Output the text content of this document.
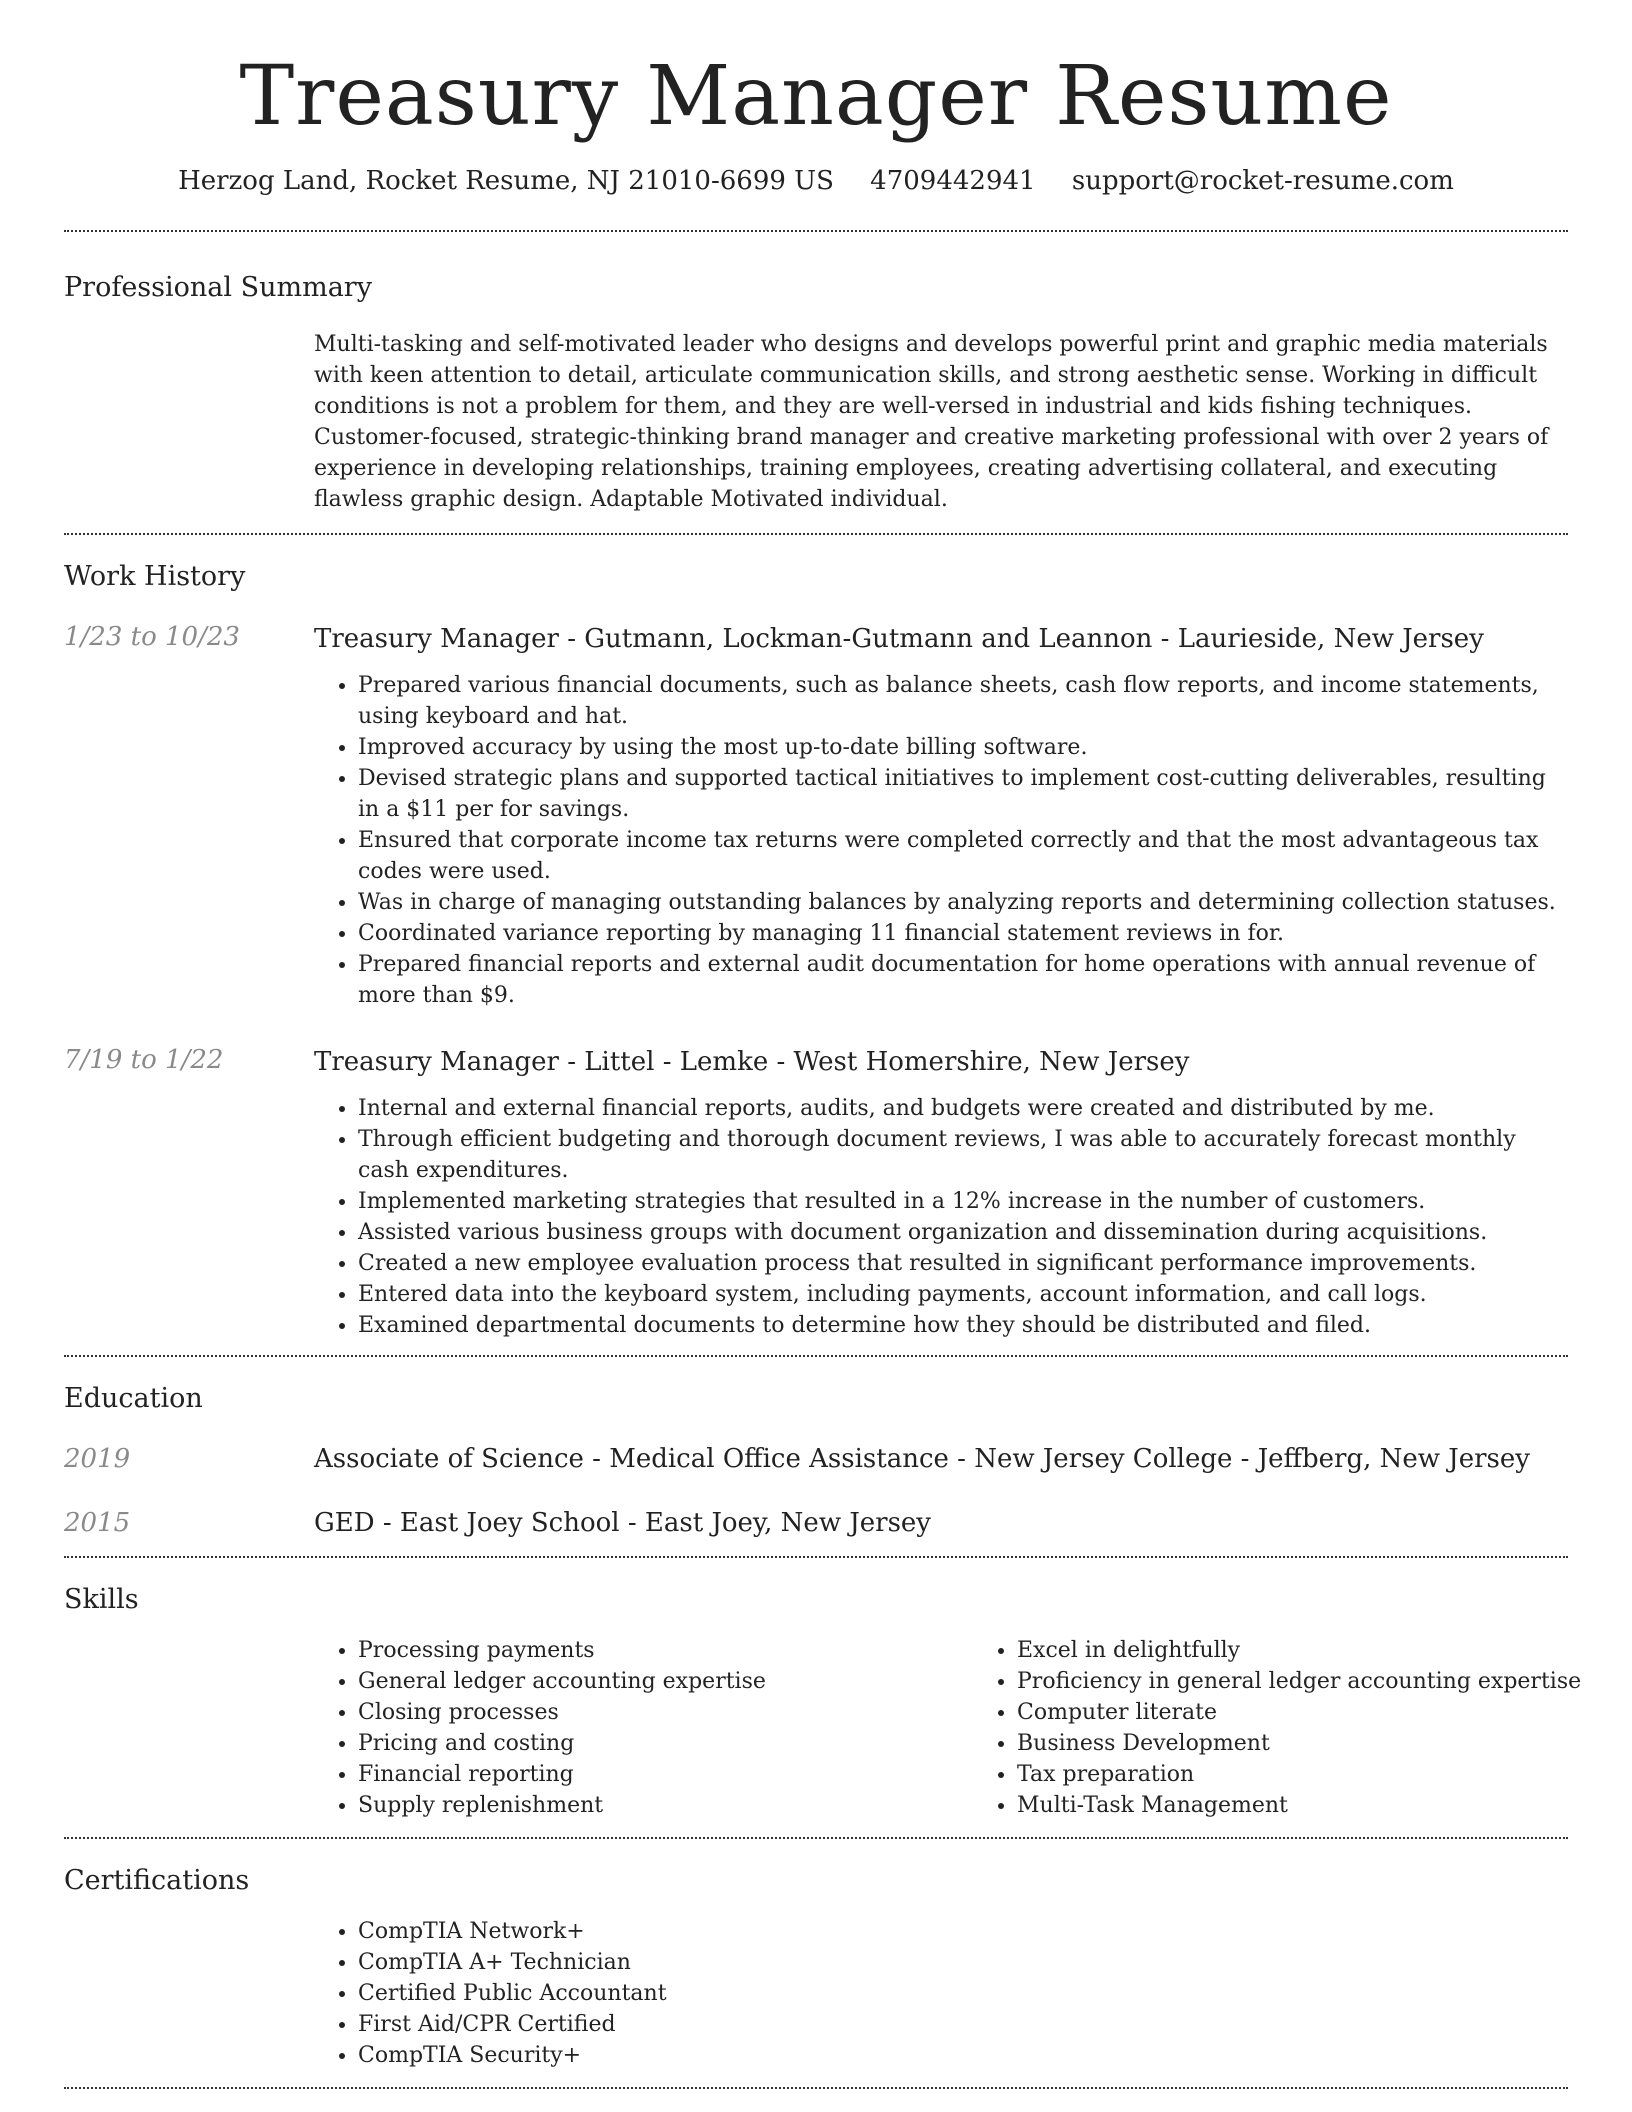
Treasury Manager Resume
Herzog Land, Rocket Resume, NJ 21010-6699 US 4709442941 support@rocket-resume.com
Professional Summary
Multi-tasking and self-motivated leader who designs and develops powerful print and graphic media materials with keen attention to detail, articulate communication skills, and strong aesthetic sense. Working in difficult conditions is not a problem for them, and they are well-versed in industrial and kids fishing techniques. Customer-focused, strategic-thinking brand manager and creative marketing professional with over 2 years of experience in developing relationships, training employees, creating advertising collateral, and executing flawless graphic design. Adaptable Motivated individual.
Work History
1/23 to 10/23	Treasury Manager - Gutmann, Lockman-Gutmann and Leannon - Laurieside, New Jersey
• Prepared various financial documents, such as balance sheets, cash flow reports, and income statements, using keyboard and hat.
• Improved accuracy by using the most up-to-date billing software.
• Devised strategic plans and supported tactical initiatives to implement cost-cutting deliverables, resulting in a $11 per for savings.
• Ensured that corporate income tax returns were completed correctly and that the most advantageous tax codes were used.
• Was in charge of managing outstanding balances by analyzing reports and determining collection statuses.
• Coordinated variance reporting by managing 11 financial statement reviews in for.
• Prepared financial reports and external audit documentation for home operations with annual revenue of more than $9.
7/19 to 1/22	Treasury Manager - Littel - Lemke - West Homershire, New Jersey
• Internal and external financial reports, audits, and budgets were created and distributed by me.
• Through efficient budgeting and thorough document reviews, I was able to accurately forecast monthly cash expenditures.
• Implemented marketing strategies that resulted in a 12% increase in the number of customers.
• Assisted various business groups with document organization and dissemination during acquisitions.
• Created a new employee evaluation process that resulted in significant performance improvements.
• Entered data into the keyboard system, including payments, account information, and call logs.
• Examined departmental documents to determine how they should be distributed and filed.
Education
2019	Associate of Science - Medical Office Assistance - New Jersey College - Jeffberg, New Jersey
2015	GED - East Joey School - East Joey, New Jersey
Skills
• Processing payments
• General ledger accounting expertise
• Closing processes
• Pricing and costing
• Financial reporting
• Supply replenishment
• Excel in delightfully
• Proficiency in general ledger accounting expertise
• Computer literate
• Business Development
• Tax preparation
• Multi-Task Management
Certifications
• CompTIA Network+
• CompTIA A+ Technician
• Certified Public Accountant
• First Aid/CPR Certified
• CompTIA Security+
